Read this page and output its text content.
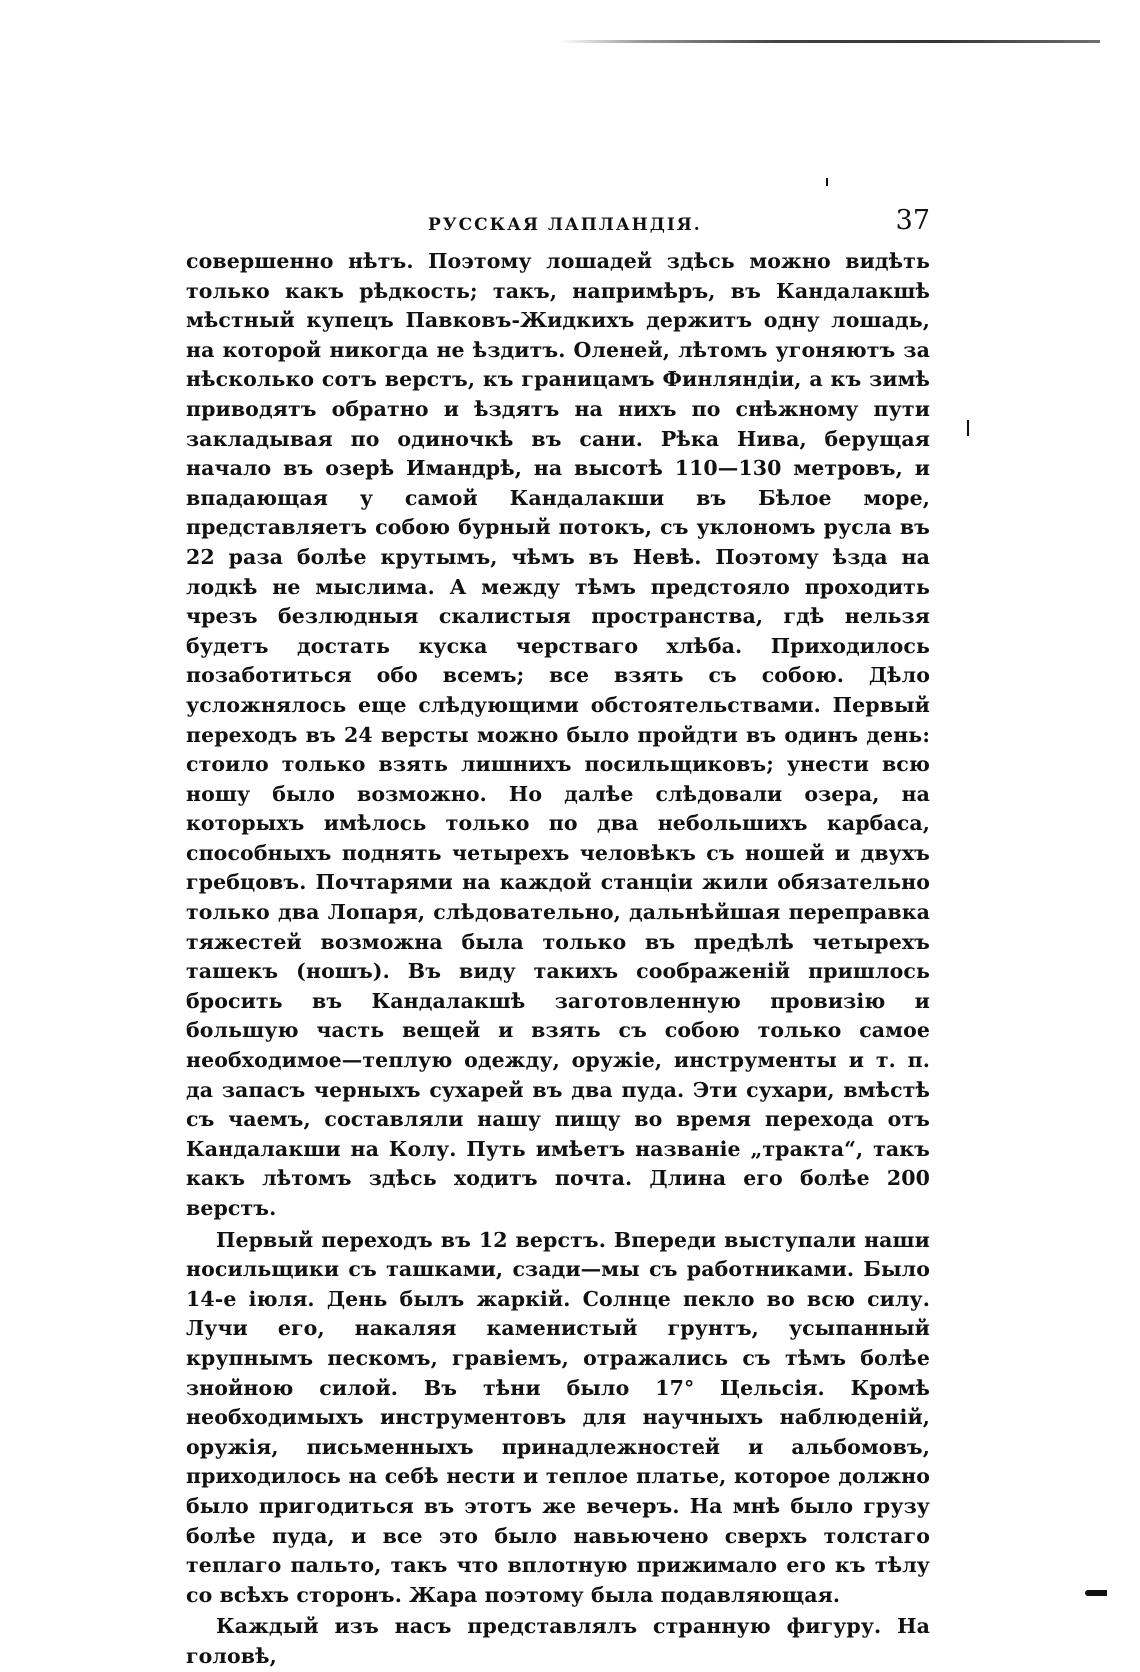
РУССКАЯ ЛАПЛАНДІЯ.	37

совершенно нѣтъ. Поэтому лошадей здѣсь можно видѣть только какъ рѣдкость; такъ, напримѣръ, въ Кандалакшѣ мѣстный купецъ Павковъ-Жидкихъ держитъ одну лошадь, на которой никогда не ѣздитъ. Оленей, лѣтомъ угоняютъ за нѣсколько сотъ верстъ, къ границамъ Финляндіи, а къ зимѣ приводятъ обратно и ѣздятъ на нихъ по снѣжному пути закладывая по одиночкѣ въ сани. Рѣка Нива, берущая начало въ озерѣ Имандрѣ, на высотѣ 110—130 метровъ, и впадающая у самой Кандалакши въ Бѣлое море, представляетъ собою бурный потокъ, съ уклономъ русла въ 22 раза болѣе крутымъ, чѣмъ въ Невѣ. Поэтому ѣзда на лодкѣ не мыслима. А между тѣмъ предстояло проходить чрезъ безлюдныя скалистыя пространства, гдѣ нельзя будетъ достать куска черстваго хлѣба. Приходилось позаботиться обо всемъ; все взять съ собою. Дѣло усложнялось еще слѣдующими обстоятельствами. Первый переходъ въ 24 версты можно было пройдти въ одинъ день: стоило только взять лишнихъ посильщиковъ; унести всю ношу было возможно. Но далѣе слѣдовали озера, на которыхъ имѣлось только по два небольшихъ карбаса, способныхъ поднять четырехъ человѣкъ съ ношей и двухъ гребцовъ. Почтарями на каждой станціи жили обязательно только два Лопаря, слѣдовательно, дальнѣйшая переправка тяжестей возможна была только въ предѣлѣ четырехъ ташекъ (ношъ). Въ виду такихъ соображеній пришлось бросить въ Кандалакшѣ заготовленную провизію и большую часть вещей и взять съ собою только самое необходимое—теплую одежду, оружіе, инструменты и т. п. да запасъ черныхъ сухарей въ два пуда. Эти сухари, вмѣстѣ съ чаемъ, составляли нашу пищу во время перехода отъ Кандалакши на Колу. Путь имѣетъ названіе „тракта“, такъ какъ лѣтомъ здѣсь ходитъ почта. Длина его болѣе 200 верстъ.

Первый переходъ въ 12 верстъ. Впереди выступали наши носильщики съ ташками, сзади—мы съ работниками. Было 14-е іюля. День былъ жаркій. Солнце пекло во всю силу. Лучи его, накаляя каменистый грунтъ, усыпанный крупнымъ пескомъ, гравіемъ, отражались съ тѣмъ болѣе знойною силой. Въ тѣни было 17° Цельсія. Кромѣ необходимыхъ инструментовъ для научныхъ наблюденій, оружія, письменныхъ принадлежностей и альбомовъ, приходилось на себѣ нести и теплое платье, которое должно было пригодиться въ этотъ же вечеръ. На мнѣ было грузу болѣе пуда, и все это было навьючено сверхъ толстаго теплаго пальто, такъ что вплотную прижимало его къ тѣлу со всѣхъ сторонъ. Жара поэтому была подавляющая.

Каждый изъ насъ представлялъ странную фигуру. На головѣ,
